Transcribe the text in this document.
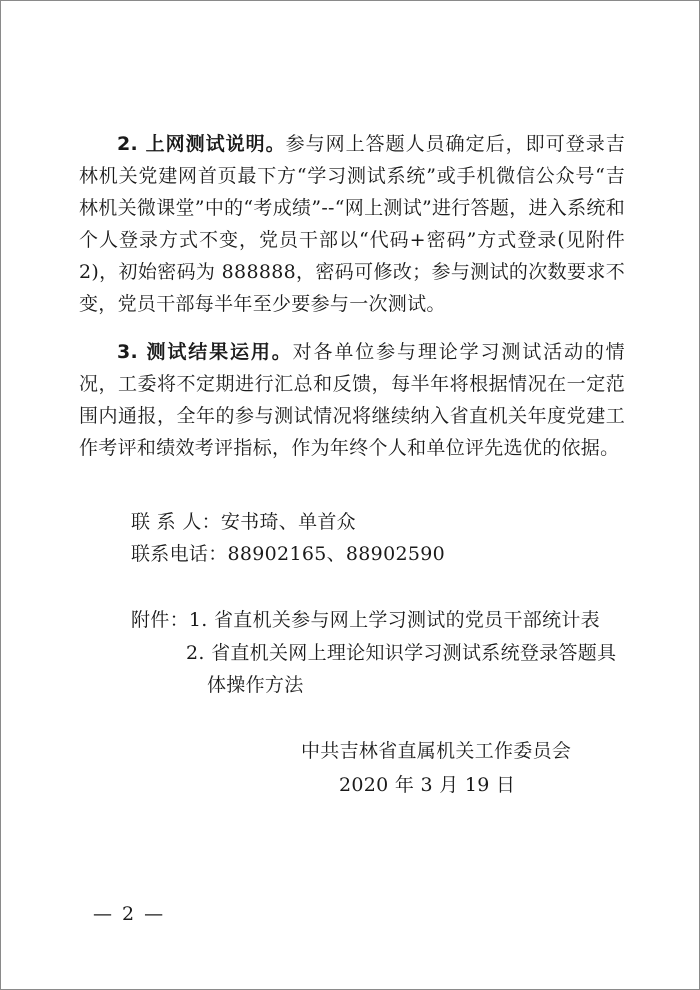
2. 上网测试说明。参与网上答题人员确定后，即可登录吉林机关党建网首页最下方“学习测试系统”或手机微信公众号“吉林机关微课堂”中的“考成绩”--“网上测试”进行答题，进入系统和个人登录方式不变，党员干部以“代码+密码”方式登录(见附件 2)，初始密码为 888888，密码可修改；参与测试的次数要求不变，党员干部每半年至少要参与一次测试。

3. 测试结果运用。对各单位参与理论学习测试活动的情况，工委将不定期进行汇总和反馈，每半年将根据情况在一定范围内通报，全年的参与测试情况将继续纳入省直机关年度党建工作考评和绩效考评指标，作为年终个人和单位评先选优的依据。

联 系 人：安书琦、单首众

联系电话：88902165、88902590

附件：1. 省直机关参与网上学习测试的党员干部统计表

2. 省直机关网上理论知识学习测试系统登录答题具

体操作方法

中共吉林省直属机关工作委员会

2020 年 3 月 19 日

— 2 —
